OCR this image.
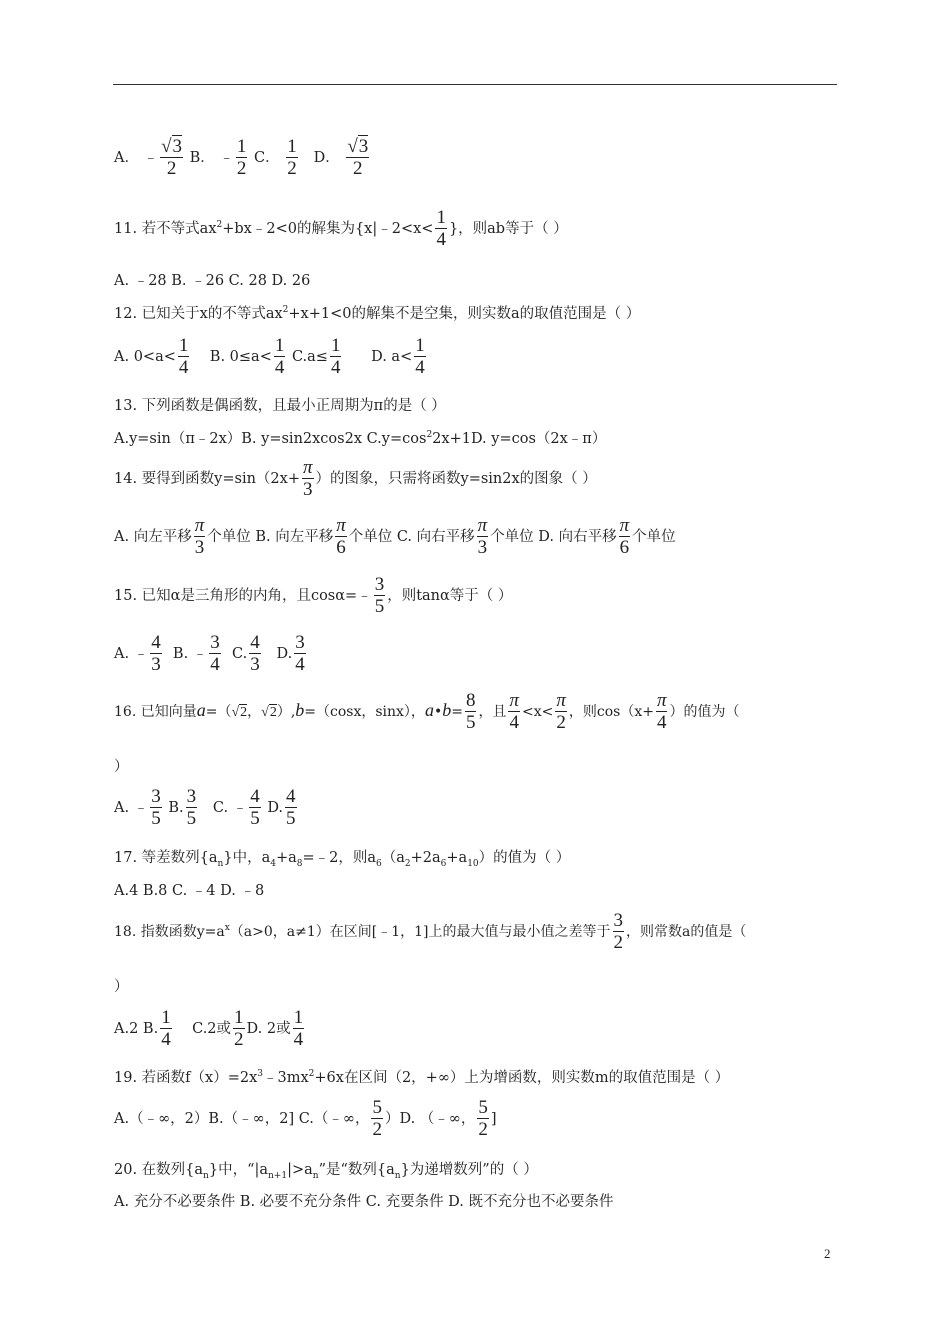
A． ﹣ $\frac{√3}{2}$ B． ﹣ $\frac{1}{2}$ C． $\frac{1}{2}$ D． $\frac{√3}{2}$
11. 若不等式$ax^2+bx﹣2<0$的解集为{x|﹣2<x< $\frac{1}{4}$ }，则ab等于（ ）
A. ﹣28 B. ﹣26 C. 28 D. 26
12. 已知关于x的不等式$ax^2+x+1<0$的解集不是空集，则实数a的取值范围是（ ）
A. $0<a< \frac{1}{4} B$. $0\le a< \frac{1}{4} C.a\le \frac{1}{4} D$. $a< \frac{1}{4}$
13. 下列函数是偶函数，且最小正周期为π的是（ ）
A.y=sin（π﹣2x）B. y=sin2xcos2x $C.y=\cos^22x+1D$. y=cos（2x﹣π）
14. 要得到函数$y=\sin(2x+ \frac{\pi}{3}$ ）的图象，只需将函数y=sin2x的图象（ ）
A. 向左平移 $\frac{\pi}{3}$ 个单位 B. 向左平移 $\frac{\pi}{6}$ 个单位 C. 向右平移 $\frac{\pi}{3}$ 个单位 D. 向右平移 $\frac{\pi}{6}$ 个单位
15. 已知α是三角形的内角，且cosα=﹣ $\frac{3}{5}$ ，则tanα等于（ ）
A. ﹣ $\frac{4}{3} B$. ﹣ $\frac{3}{4} C$. $\frac{4}{3} D$. $\frac{3}{4}$
16. 已知向量a=（√2，√2）,b=（cosx，sinx），a•b= $\frac{8}{5}$ ，且 $\frac{\pi}{4} <x< \frac{\pi}{2}$ ，则$\cos(x+ \frac{\pi}{4}$ ）的值为（
）
A. ﹣ $\frac{3}{5} B$. $\frac{3}{5} C$. ﹣ $\frac{4}{5} D$. $\frac{4}{5}$
17. 等差数列$\{a_n\}$中，$a_4+a_8=﹣2$，则$a_6(a_2+2a_6+a_{10})$的值为（ ）
A.4 B.8 C. ﹣4 D. ﹣8
18. 指数函数$y=a^x(a>0$，a≠1）在区间[﹣1，1]上的最大值与最小值之差等于 $\frac{3}{2}$ ，则常数a的值是（
）
A.2 B. $\frac{1}{4} C.2$或 $\frac{1}{2} D$. 2或 $\frac{1}{4}$
19. 若函数$f(x)=2x^3﹣3mx^2+6x$在区间（2，+∞）上为增函数，则实数m的取值范围是（ ）
A.（﹣∞，2）B.（﹣∞，2] C.（﹣∞， $\frac{5}{2} )D$. （﹣∞， $\frac{5}{2}$ ]
20. 在数列$\{a_n\}$中，“$|a_{n+1}|>a_n$”是“数列$\{a_n\}$为递增数列”的（ ）
A. 充分不必要条件 B. 必要不充分条件 C. 充要条件 D. 既不充分也不必要条件
2
